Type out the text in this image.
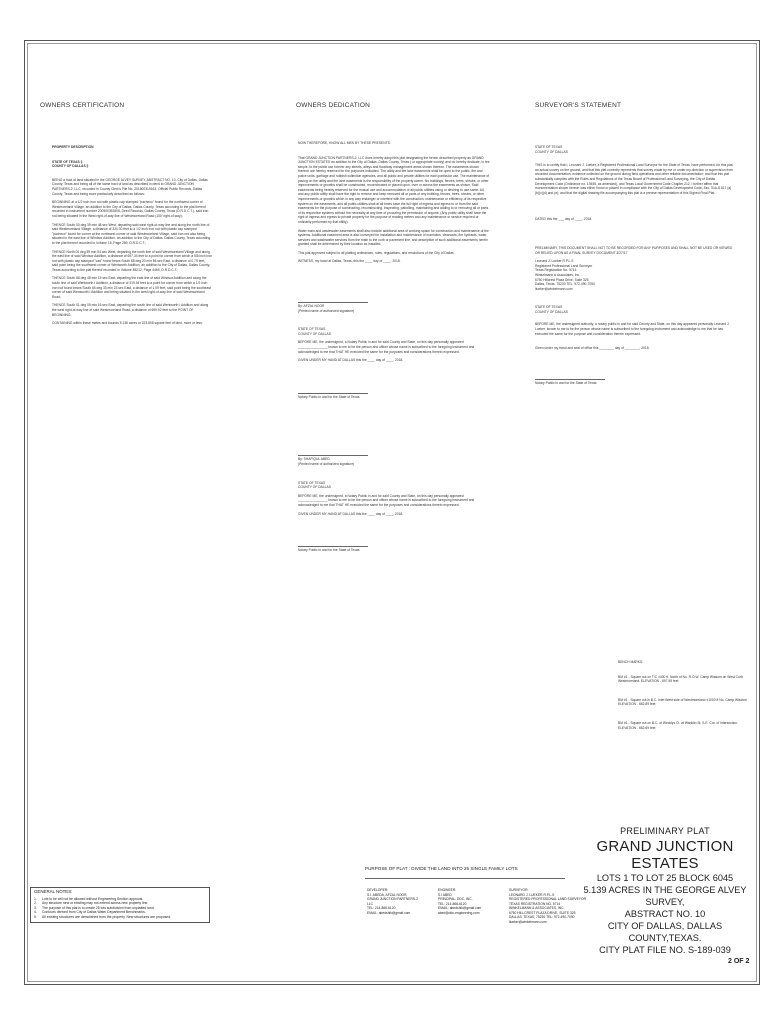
OWNERS CERTIFICATION	OWNERS DEDICATION	SURVEYOR'S STATEMENT

PROPERTY DESCRIPTION

STATE OF TEXAS §

COUNTY OF DALLAS §

BEING a tract of land situated in the GEORGE ALVEY SURVEY, ABSTRACT NO. 10, City of Dallas, Dallas County, Texas and being all of the same tract of land as described in deed to GRAND JUNCTION PARTNERS-2, LLC, recorded in County Clerk's File No. 201800319163, Official Public Records, Dallas County, Texas and being more particularly described as follows:

BEGINNING at a 1/2 inch iron rod with plastic cap stamped "pacheco" found for the northwest corner of Westmoreland Village, an addition to the City of Dallas, Dallas County, Texas according to the plat thereof recorded in instrument number 200500352808, Deed Records, Dallas County, Texas (D.R.D.C.T.), said iron rod being situated in the West right-of-way line of Westmoreland Road (100' right-of-way);

THENCE South 00 deg 39 min 48 sec West, departing said west right-of-way line and along the north line of said Westmoreland Village, a distance of 320.00 feet to a 1/2 inch iron rod with plastic cap stamped "pacheco" found for corner at the northwest corner of said Westmoreland Village, said iron rod also being situated in the east line of Windsor Addition, an addition to the City of Dallas, Dallas County, Texas according to the plat thereof recorded in Volume 18, Page 289, D.R.D.C.T.;

THENCE North 00 deg 59 min 54 sec West, departing the north line of said Westmoreland Village and along the east line of said Windsor Addition, a distance of 697.34 feet to a point for corner from which a 5/8 inch iron rod with plastic cap stamped "cad" found bears South 88 deg 20 min 56 sec East, a distance of 0.75 feet, said point being the southwest corner of Wentworth Addition, an addition to the City of Dallas, Dallas County, Texas according to the plat thereof recorded in Volume 85212, Page 4469, D.R.D.C.T.;

THENCE South 88 deg 48 min 15 sec East, departing the east line of said Windsor Addition and along the south line of said Wentworth I Addition, a distance of 319.94 feet to a point for corner from which a 1/2 inch iron rod found bears South 65 deg 33 min 23 sec East, a distance of 1.09 feet, said point being the southeast corner of said Wentworth I Addition and being situated in the west right-of-way line of said Westmoreland Road;

THENCE South 01 deg 09 min 16 sec East, departing the south line of said Wentworth I Addition and along the west right-of-way line of said Westmoreland Road, a distance of 699.92 feet to the POINT OF BEGINNING;

CONTAINING within these metes and bounds 5.136 acres or 223,808 square feet of land, more or less.

NOW THEREFORE, KNOW ALL MEN BY THESE PRESENTS:

That GRAND JUNCTION PARTNERS-2, LLC does hereby adopt this plat designating the herein described property as GRAND JUNCTION ESTATES an addition to the City of Dallas, Dallas County, Texas ( or appropriate county) and do hereby dedicate, in fee simple, to the public use forever any streets, alleys and floodway management areas shown thereon. The easements shown thereon are hereby reserved for the purposes indicated. The utility and fire lane easements shall be open to the public, fire and police units, garbage and rubbish collection agencies, and all public and private utilities for each particular use. The maintenance of paving on the utility and fire lane easements is the responsibility of the property owner. No buildings, fences, trees, shrubs, or other improvements or growths shall be constructed, reconstructed or placed upon, over or across the easements as shown. Said easements being hereby reserved for the mutual use and accommodation of all public utilities using or desiring to use same. All, and any public utility shall have the right to remove and keep removed all or parts of any building, fences, trees, shrubs, or other improvements or growths which in any way endanger or interfere with the construction, maintenance or efficiency of its respective system on the easements, and all public utilities shall at all times have the full right of ingress and egress to or from the said easements for the purpose of constructing, reconstructing, inspecting, patrolling, maintaining and adding to or removing all or parts of its respective systems without the necessity at any time of procuring the permission of anyone. (Any public utility shall have the right of ingress and egress to private property for the purpose of reading meters and any maintenance or service required or ordinarily performed by that utility).

Water main and wastewater easements shall also include additional area of working space for construction and maintenance of the systems. Additional easement area is also conveyed for installation and maintenance of manholes, cleanouts, fire hydrants, water services and wastewater services from the main to the curb or pavement line, and description of such additional easements herein granted shall be determined by their location as installed.

This plat approved subject to all platting ordinances, rules, regulations, and resolutions of the City of Dallas.

WITNESS, my hand at Dallas, Texas, this the ____ day of ____, 2018.

By: AFZAL NOOR

(Printed name of authorized signature)

STATE OF TEXAS

COUNTY OF DALLAS

BEFORE ME, the undersigned, a Notary Public in and for said County and State, on this day personally appeared ________________ known to me to be the person and officer whose name is subscribed to the foregoing instrument and acknowledged to me that THAT HE executed the same for the purposes and considerations therein expressed.

GIVEN UNDER MY HAND AT DALLAS this the ____ day of ____, 2018.

Notary Public in and for the State of Texas
By: SHAFIQUL ABED

(Printed name of authorized signature)

STATE OF TEXAS

COUNTY OF DALLAS

BEFORE ME, the undersigned, a Notary Public in and for said County and State, on this day personally appeared ________________ known to me to be the person and officer whose name is subscribed to the foregoing instrument and acknowledged to me that THAT HE executed the same for the purposes and considerations therein expressed.

GIVEN UNDER MY HAND AT DALLAS this the ____ day of ____, 2018.

Notary Public in and for the State of Texas
STATE OF TEXAS

COUNTY OF DALLAS

THIS is to certify that I, Leonard J. Lueker, a Registered Professional Land Surveyor for the State of Texas, have performed, for this plat, an actual survey on the ground, and that this plat correctly represents that survey made by me or under my direction or supervision from recorded documentation, evidence collected on the ground during field operations and other reliable documentation; and that this plat substantially complies with the Rules and Regulations of the Texas Board of Professional Land Surveying, the City of Dallas Development Code (Ordinance no. 19455, as amended), and Texas Local Government Code Chapter 212. I further affirm that monumentation shown hereon was either found or placed in compliance with the City of Dallas Development Code, Sec. 51A-8.617 (a)(b)(c)(d) and (e); and that the digital drawing file accompanying this plat is a precise representation of this Signed Final Plat.

DATED this the ___ day of ____, 2018.

PRELIMINARY, THIS DOCUMENT SHALL NOT TO BE RECORDED FOR ANY PURPOSES AND SHALL NOT BE USED OR VIEWED OR RELIED UPON AS A FINAL SURVEY DOCUMENT 3/27/17

Leonard J. Lueker R.P.L.S
Registered Professional Land Surveyor
Texas Registration No. 5714
Winkelmann & Associates, Inc.
6750 Hillcrest Plaza Drive, Suite 325
Dallas, Texas, 75230 TEL: 972-490-7090

llueker@winkelmann.com

STATE OF TEXAS

COUNTY OF DALLAS

BEFORE ME, the undersigned authority, a notary public in and for said County and State, on this day appeared personally Leonard J. Lueker, known to me to be the person whose name is subscribed to the foregoing instrument and acknowledge to me that he has executed the same for the purpose and consideration therein expressed.

Given under my hand and seal of office this ________ day of ________, 2018.

Notary Public in and for the State of Texas

BENCH MARKS:

BM #1 - Square cut on T/C ±400 ft. North of No. R.O.W. Camp Wisdom on West Curb Westmoreland. ELEVATION - 697.95 feet

BM #1 - Square cut in B.C. Inlet West side of Westmoreland ±1000 ft No. Camp Wisdom ELEVATION - 682.89 feet

BM #1 - Square cut on B.C. of Wecklys Ct. at Wanklin St. S.E. Cor. of Intersection. ELEVATION - 682.69 feet

PURPOSE OF PLAT : DIVIDE THE LAND INTO 25 SINGLE FAMILY LOTS
DEVELOPER:
S.I. ABEDA, AFZAL NOOR,
GRAND JUNCTION PARTNERS-2 LLC
TEL: 214-868-6120
EMAIL: abedshik@gmail.com
ENGINEER:
S.I ABED
PRINCIPAL, DDC, INC.
TEL: 214-868-6120
EMAIL: abedshik@gmail.com
abed@ddc-engineering.com
SURVEYOR:
LEONARD J. LUEKER R.P.L.S
REGISTERED PROFESSIONAL LAND SURVEYOR
TEXAS REGISTRATION NO. 5714
WINKELMANN & ASSOCIATES, INC.
6750 HILLCREST PLAZA DRIVE, SUITE 325
DALLAS, TEXAS, 75230 TEL: 972-490-7090
llueker@winkelmann.com
GENERAL NOTES:
1.	Lots to be will not be allowed without Engineering Section approval.
2.	Any structure new or existing may not extend across new property line.
3.	The purpose of this plat is to create 25 lots subdivision from unplatted land.
4.	Contours derived from City of Dallas Water Department Benchmarks.
5.	All existing structures are demolished from the property. New structures are proposed.
PRELIMINARY PLAT
GRAND JUNCTION ESTATES
LOTS 1 TO LOT 25 BLOCK 6045
5.139 ACRES IN THE GEORGE ALVEY SURVEY,
ABSTRACT NO. 10
CITY OF DALLAS, DALLAS COUNTY,TEXAS.
CITY PLAT FILE NO. S-189-039
2 OF 2
